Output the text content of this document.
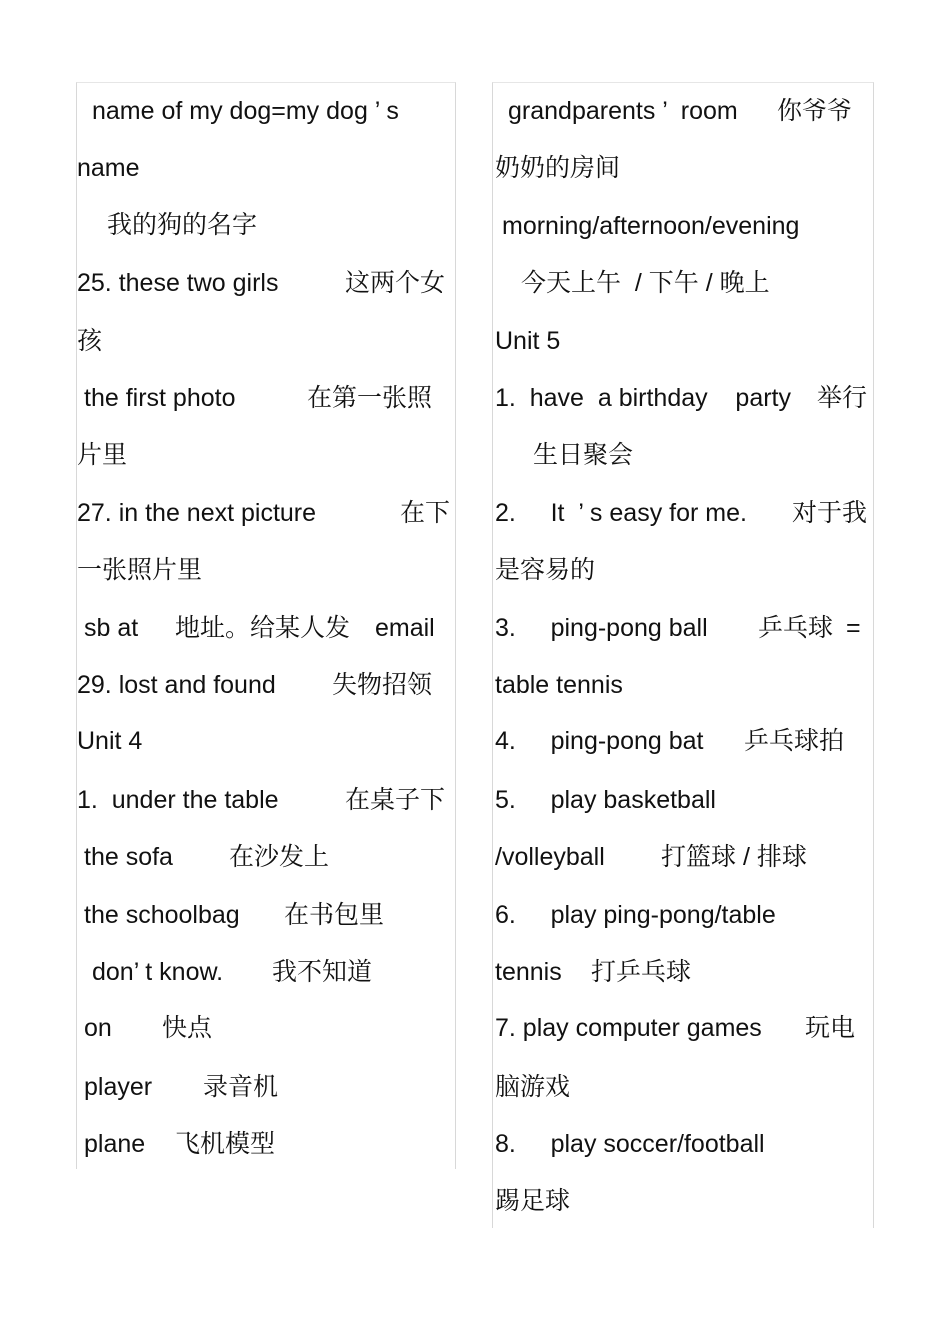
name of my dog=my dog ’ s
name
我的狗的名字
25. these two girls	这两个女
孩
the first photo	在第一张照
片里
27. in the next picture	在下
一张照片里
sb at 地址。给某人发 email
29. lost and found 失物招领
Unit 4
1.  under the table	在桌子下
the sofa 在沙发上
the schoolbag 在书包里
don’ t know. 我不知道
on 快点
player 录音机
plane 飞机模型
grandparents ’  room 你爷爷
奶奶的房间
morning/afternoon/evening
今天上午  / 下午 / 晚上
Unit 5
1.  have  a birthday    party 举行
生日聚会
2.     It  ’ s easy for me. 对于我
是容易的
3.     ping-pong ball 乒乓球 =
table tennis
4.     ping-pong bat 乒乓球拍
5.     play basketball
/volleyball 打篮球 / 排球
6.     play ping-pong/table
tennis 打乒乓球
7. play computer games 玩电
脑游戏
8.     play soccer/football
踢足球
